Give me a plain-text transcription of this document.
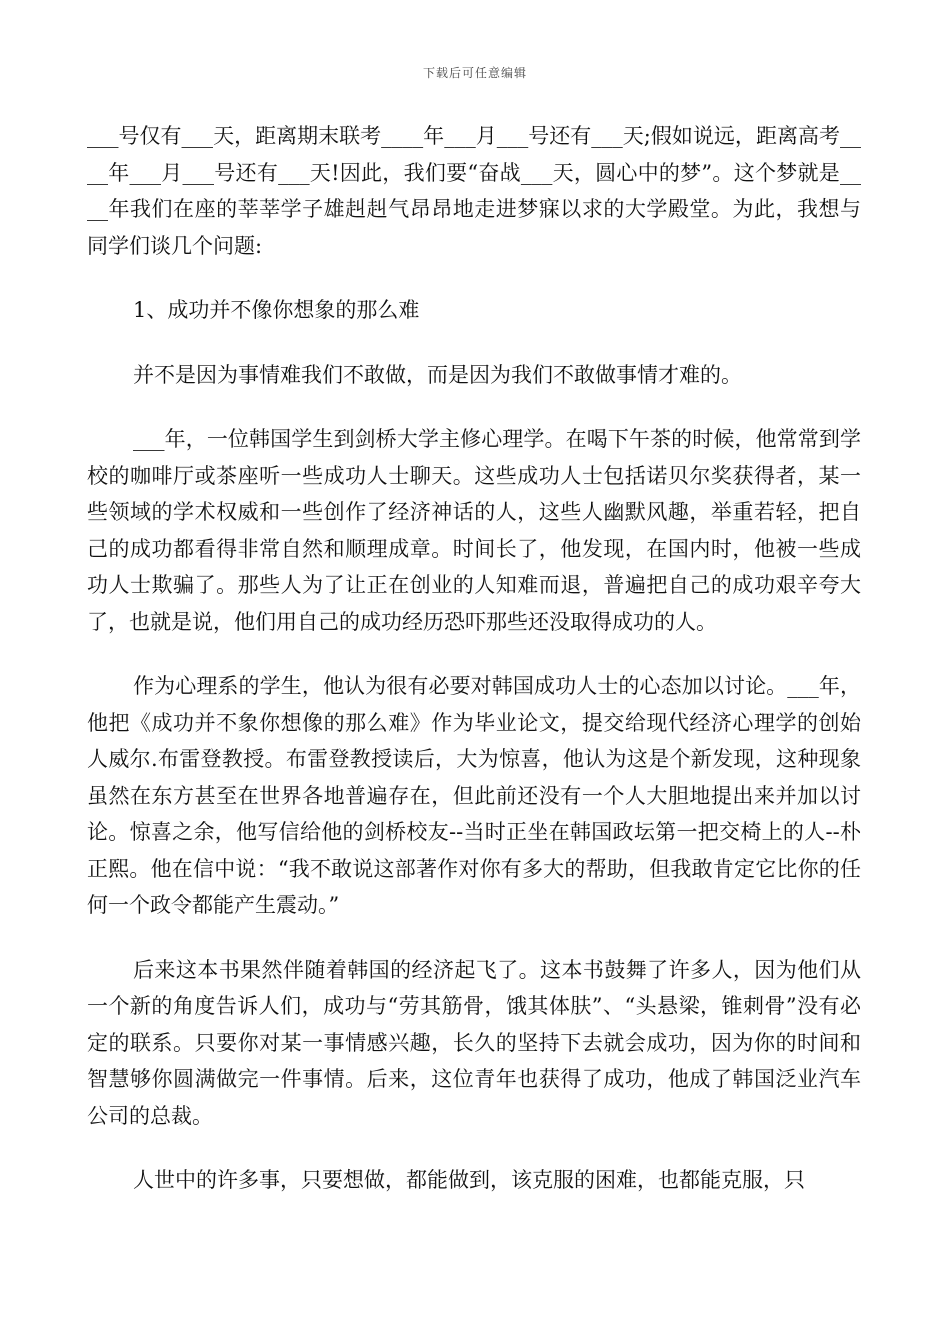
下载后可任意编辑

___号仅有___天，距离期末联考____年___月___号还有___天;假如说远，距离高考____年___月___号还有___天!因此，我们要“奋战___天，圆心中的梦”。这个梦就是____年我们在座的莘莘学子雄赳赳气昂昂地走进梦寐以求的大学殿堂。为此，我想与同学们谈几个问题:

1、成功并不像你想象的那么难

并不是因为事情难我们不敢做，而是因为我们不敢做事情才难的。

___年，一位韩国学生到剑桥大学主修心理学。在喝下午茶的时候，他常常到学校的咖啡厅或茶座听一些成功人士聊天。这些成功人士包括诺贝尔奖获得者，某一些领域的学术权威和一些创作了经济神话的人，这些人幽默风趣，举重若轻，把自己的成功都看得非常自然和顺理成章。时间长了，他发现，在国内时，他被一些成功人士欺骗了。那些人为了让正在创业的人知难而退，普遍把自己的成功艰辛夸大了，也就是说，他们用自己的成功经历恐吓那些还没取得成功的人。

作为心理系的学生，他认为很有必要对韩国成功人士的心态加以讨论。___年，他把《成功并不象你想像的那么难》作为毕业论文，提交给现代经济心理学的创始人威尔.布雷登教授。布雷登教授读后，大为惊喜，他认为这是个新发现，这种现象虽然在东方甚至在世界各地普遍存在，但此前还没有一个人大胆地提出来并加以讨论。惊喜之余，他写信给他的剑桥校友--当时正坐在韩国政坛第一把交椅上的人--朴正熙。他在信中说：“我不敢说这部著作对你有多大的帮助，但我敢肯定它比你的任何一个政令都能产生震动。”

后来这本书果然伴随着韩国的经济起飞了。这本书鼓舞了许多人，因为他们从一个新的角度告诉人们，成功与“劳其筋骨，饿其体肤”、“头悬梁，锥刺骨”没有必定的联系。只要你对某一事情感兴趣，长久的坚持下去就会成功，因为你的时间和智慧够你圆满做完一件事情。后来，这位青年也获得了成功，他成了韩国泛业汽车公司的总裁。

人世中的许多事，只要想做，都能做到，该克服的困难，也都能克服，只
